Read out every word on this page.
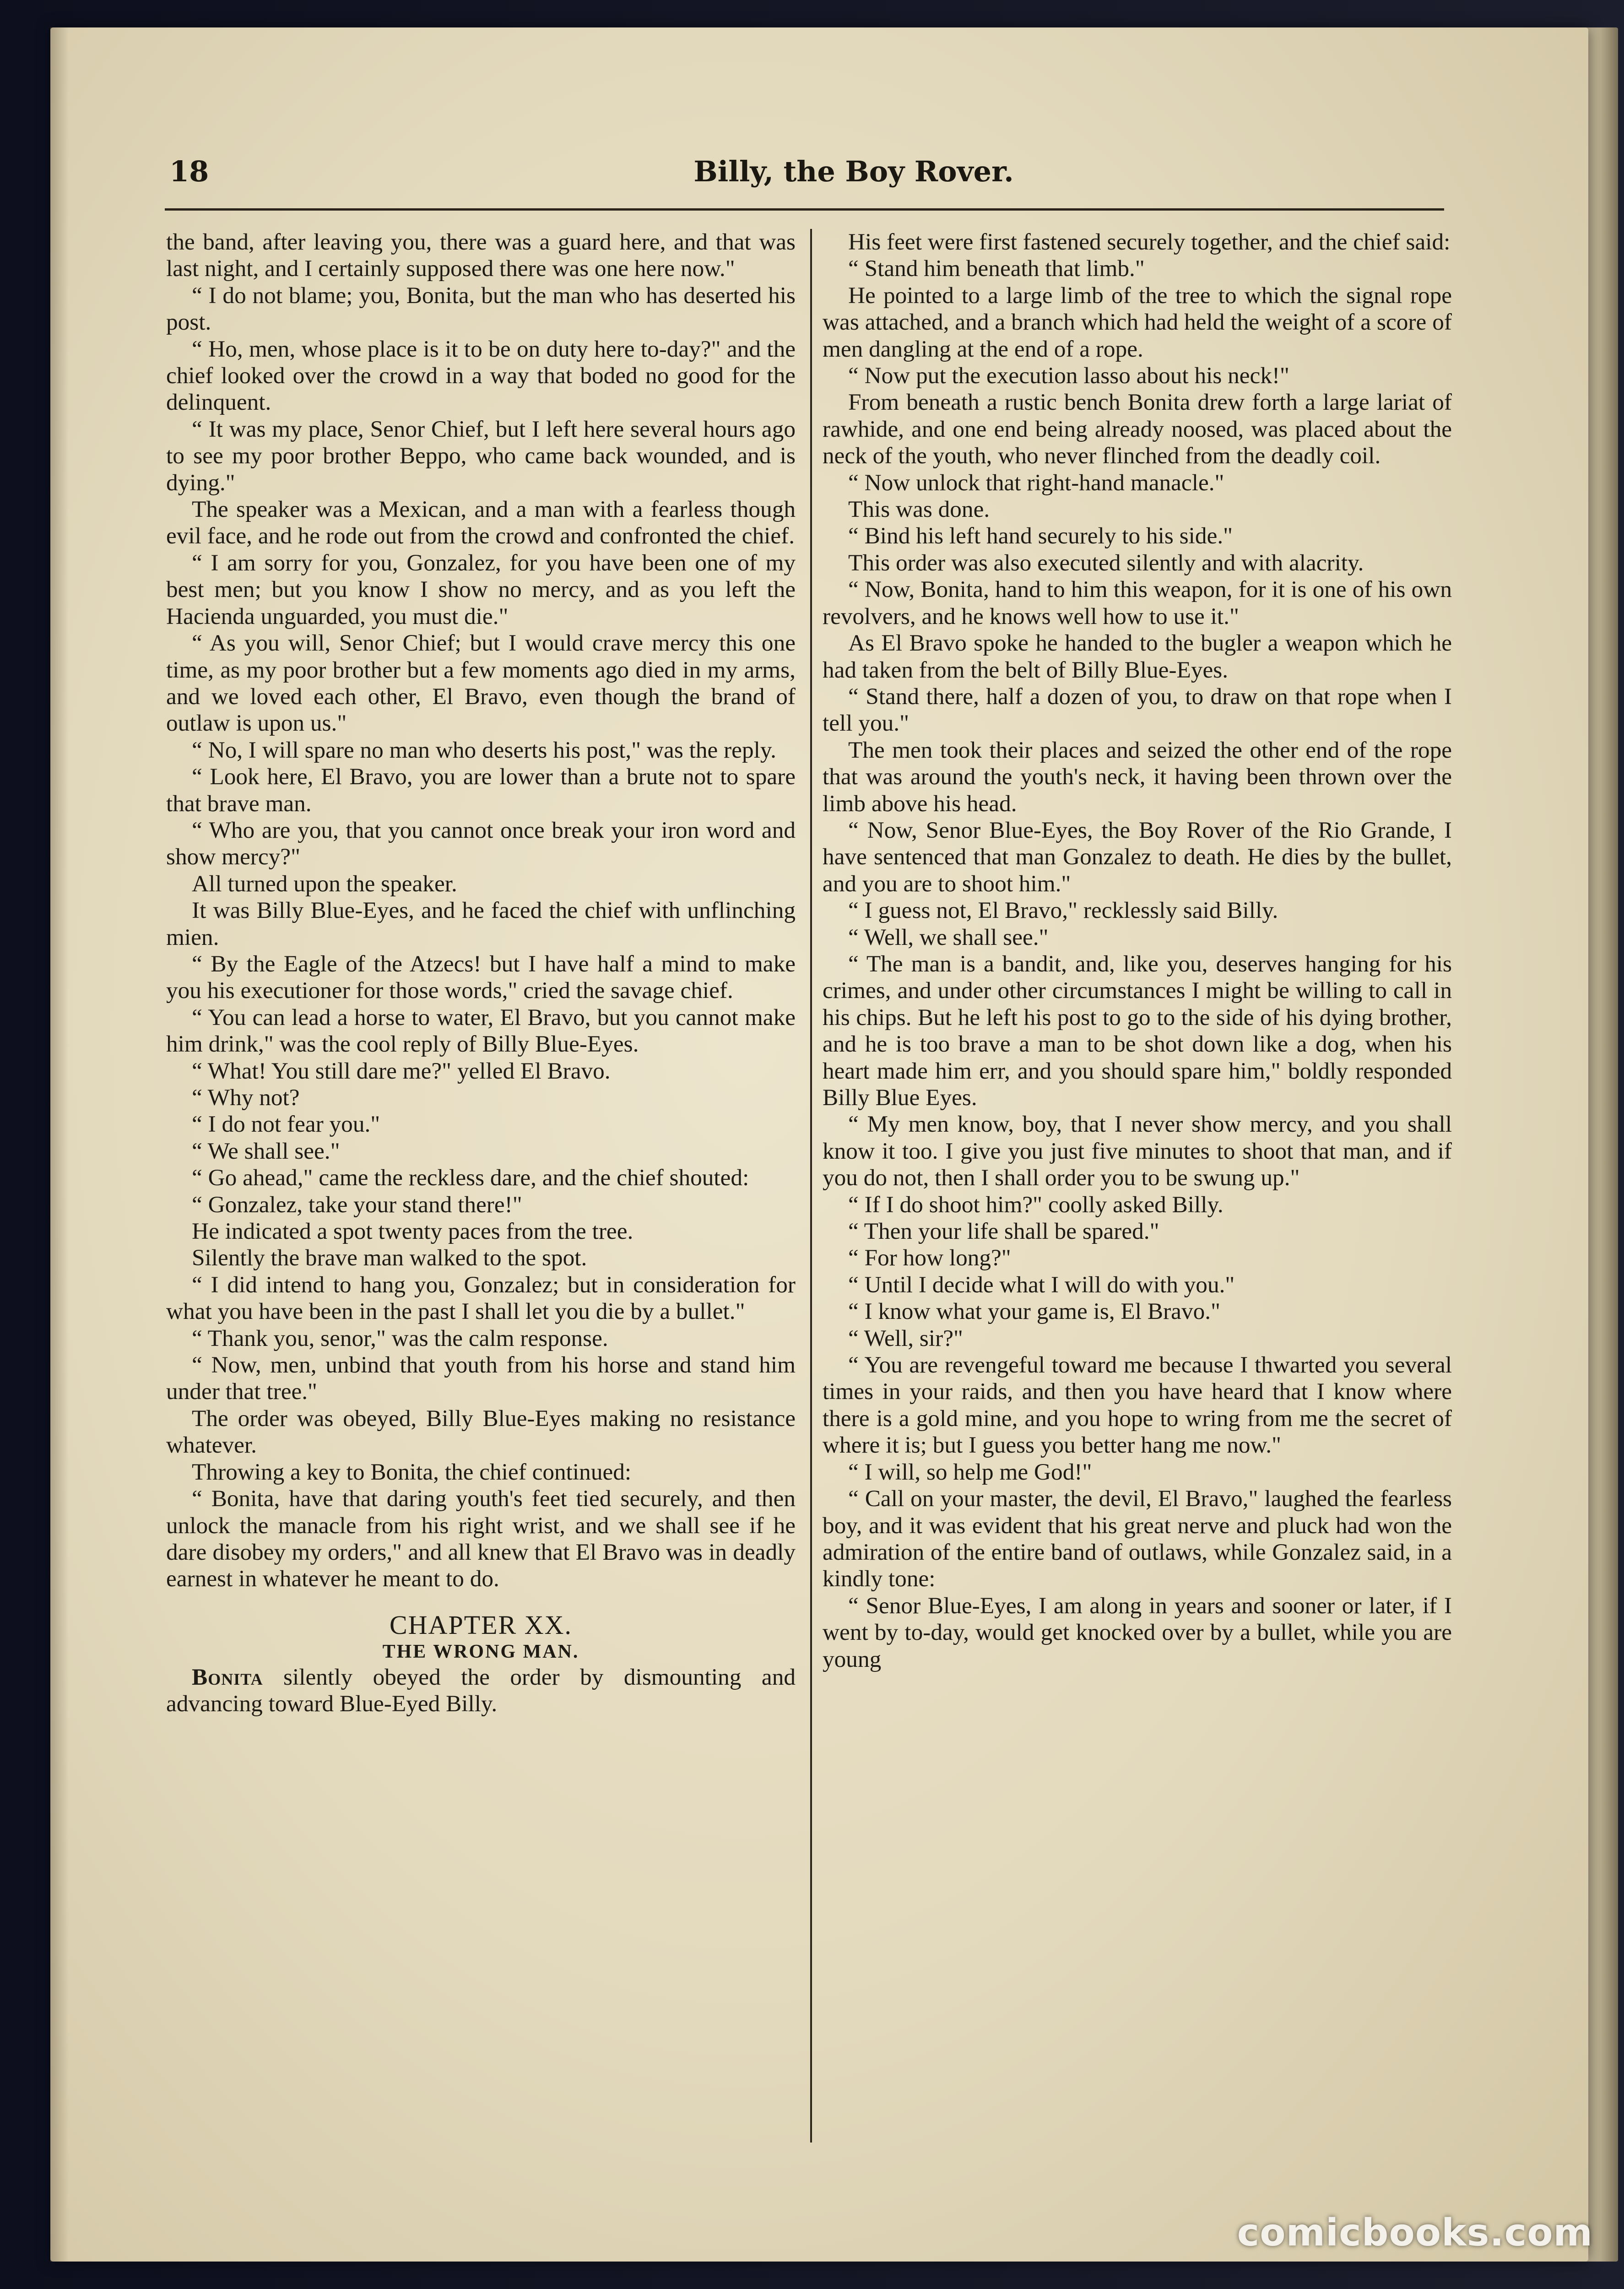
18	Billy, the Boy Rover.

the band, after leaving you, there was a guard here, and that was last night, and I certainly supposed there was one here now."

“ I do not blame; you, Bonita, but the man who has deserted his post.

“ Ho, men, whose place is it to be on duty here to-day?" and the chief looked over the crowd in a way that boded no good for the delinquent.

“ It was my place, Senor Chief, but I left here several hours ago to see my poor brother Beppo, who came back wounded, and is dying."

The speaker was a Mexican, and a man with a fearless though evil face, and he rode out from the crowd and confronted the chief.

“ I am sorry for you, Gonzalez, for you have been one of my best men; but you know I show no mercy, and as you left the Hacienda unguarded, you must die."

“ As you will, Senor Chief; but I would crave mercy this one time, as my poor brother but a few moments ago died in my arms, and we loved each other, El Bravo, even though the brand of outlaw is upon us."

“ No, I will spare no man who deserts his post," was the reply.

“ Look here, El Bravo, you are lower than a brute not to spare that brave man.

“ Who are you, that you cannot once break your iron word and show mercy?"

All turned upon the speaker.

It was Billy Blue-Eyes, and he faced the chief with unflinching mien.

“ By the Eagle of the Atzecs! but I have half a mind to make you his executioner for those words," cried the savage chief.

“ You can lead a horse to water, El Bravo, but you cannot make him drink," was the cool reply of Billy Blue-Eyes.

“ What! You still dare me?" yelled El Bravo.

“ Why not?

“ I do not fear you."

“ We shall see."

“ Go ahead," came the reckless dare, and the chief shouted:

“ Gonzalez, take your stand there!"

He indicated a spot twenty paces from the tree.

Silently the brave man walked to the spot.

“ I did intend to hang you, Gonzalez; but in consideration for what you have been in the past I shall let you die by a bullet."

“ Thank you, senor," was the calm response.

“ Now, men, unbind that youth from his horse and stand him under that tree."

The order was obeyed, Billy Blue-Eyes making no resistance whatever.

Throwing a key to Bonita, the chief continued:

“ Bonita, have that daring youth's feet tied securely, and then unlock the manacle from his right wrist, and we shall see if he dare disobey my orders," and all knew that El Bravo was in deadly earnest in whatever he meant to do.

CHAPTER XX.
THE WRONG MAN.

Bonita silently obeyed the order by dismounting and advancing toward Blue-Eyed Billy.

His feet were first fastened securely together, and the chief said:

“ Stand him beneath that limb."

He pointed to a large limb of the tree to which the signal rope was attached, and a branch which had held the weight of a score of men dangling at the end of a rope.

“ Now put the execution lasso about his neck!"

From beneath a rustic bench Bonita drew forth a large lariat of rawhide, and one end being already noosed, was placed about the neck of the youth, who never flinched from the deadly coil.

“ Now unlock that right-hand manacle."

This was done.

“ Bind his left hand securely to his side."

This order was also executed silently and with alacrity.

“ Now, Bonita, hand to him this weapon, for it is one of his own revolvers, and he knows well how to use it."

As El Bravo spoke he handed to the bugler a weapon which he had taken from the belt of Billy Blue-Eyes.

“ Stand there, half a dozen of you, to draw on that rope when I tell you."

The men took their places and seized the other end of the rope that was around the youth's neck, it having been thrown over the limb above his head.

“ Now, Senor Blue-Eyes, the Boy Rover of the Rio Grande, I have sentenced that man Gonzalez to death. He dies by the bullet, and you are to shoot him."

“ I guess not, El Bravo," recklessly said Billy.

“ Well, we shall see."

“ The man is a bandit, and, like you, deserves hanging for his crimes, and under other circumstances I might be willing to call in his chips. But he left his post to go to the side of his dying brother, and he is too brave a man to be shot down like a dog, when his heart made him err, and you should spare him," boldly responded Billy Blue Eyes.

“ My men know, boy, that I never show mercy, and you shall know it too. I give you just five minutes to shoot that man, and if you do not, then I shall order you to be swung up."

“ If I do shoot him?" coolly asked Billy.

“ Then your life shall be spared."

“ For how long?"

“ Until I decide what I will do with you."

“ I know what your game is, El Bravo."

“ Well, sir?"

“ You are revengeful toward me because I thwarted you several times in your raids, and then you have heard that I know where there is a gold mine, and you hope to wring from me the secret of where it is; but I guess you better hang me now."

“ I will, so help me God!"

“ Call on your master, the devil, El Bravo," laughed the fearless boy, and it was evident that his great nerve and pluck had won the admiration of the entire band of outlaws, while Gonzalez said, in a kindly tone:

“ Senor Blue-Eyes, I am along in years and sooner or later, if I went by to-day, would get knocked over by a bullet, while you are young

comicbooks.com
